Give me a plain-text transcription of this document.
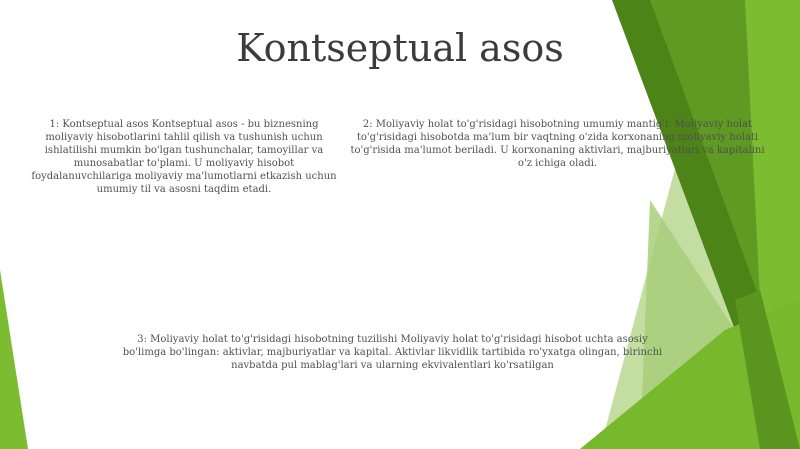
Kontseptual asos

1: Kontseptual asos Kontseptual asos - bu biznesning moliyaviy hisobotlarini tahlil qilish va tushunish uchun ishlatilishi mumkin bo'lgan tushunchalar, tamoyillar va munosabatlar to'plami. U moliyaviy hisobot foydalanuvchilariga moliyaviy ma'lumotlarni etkazish uchun umumiy til va asosni taqdim etadi.

2: Moliyaviy holat to'g'risidagi hisobotning umumiy mantig'i. Moliyaviy holat to'g'risidagi hisobotda ma'lum bir vaqtning o'zida korxonaning moliyaviy holati to'g'risida ma'lumot beriladi. U korxonaning aktivlari, majburiyatlari va kapitalini o'z ichiga oladi.

3: Moliyaviy holat to'g'risidagi hisobotning tuzilishi Moliyaviy holat to'g'risidagi hisobot uchta asosiy bo'limga bo'lingan: aktivlar, majburiyatlar va kapital. Aktivlar likvidlik tartibida ro'yxatga olingan, birinchi navbatda pul mablag'lari va ularning ekvivalentlari ko'rsatilgan
